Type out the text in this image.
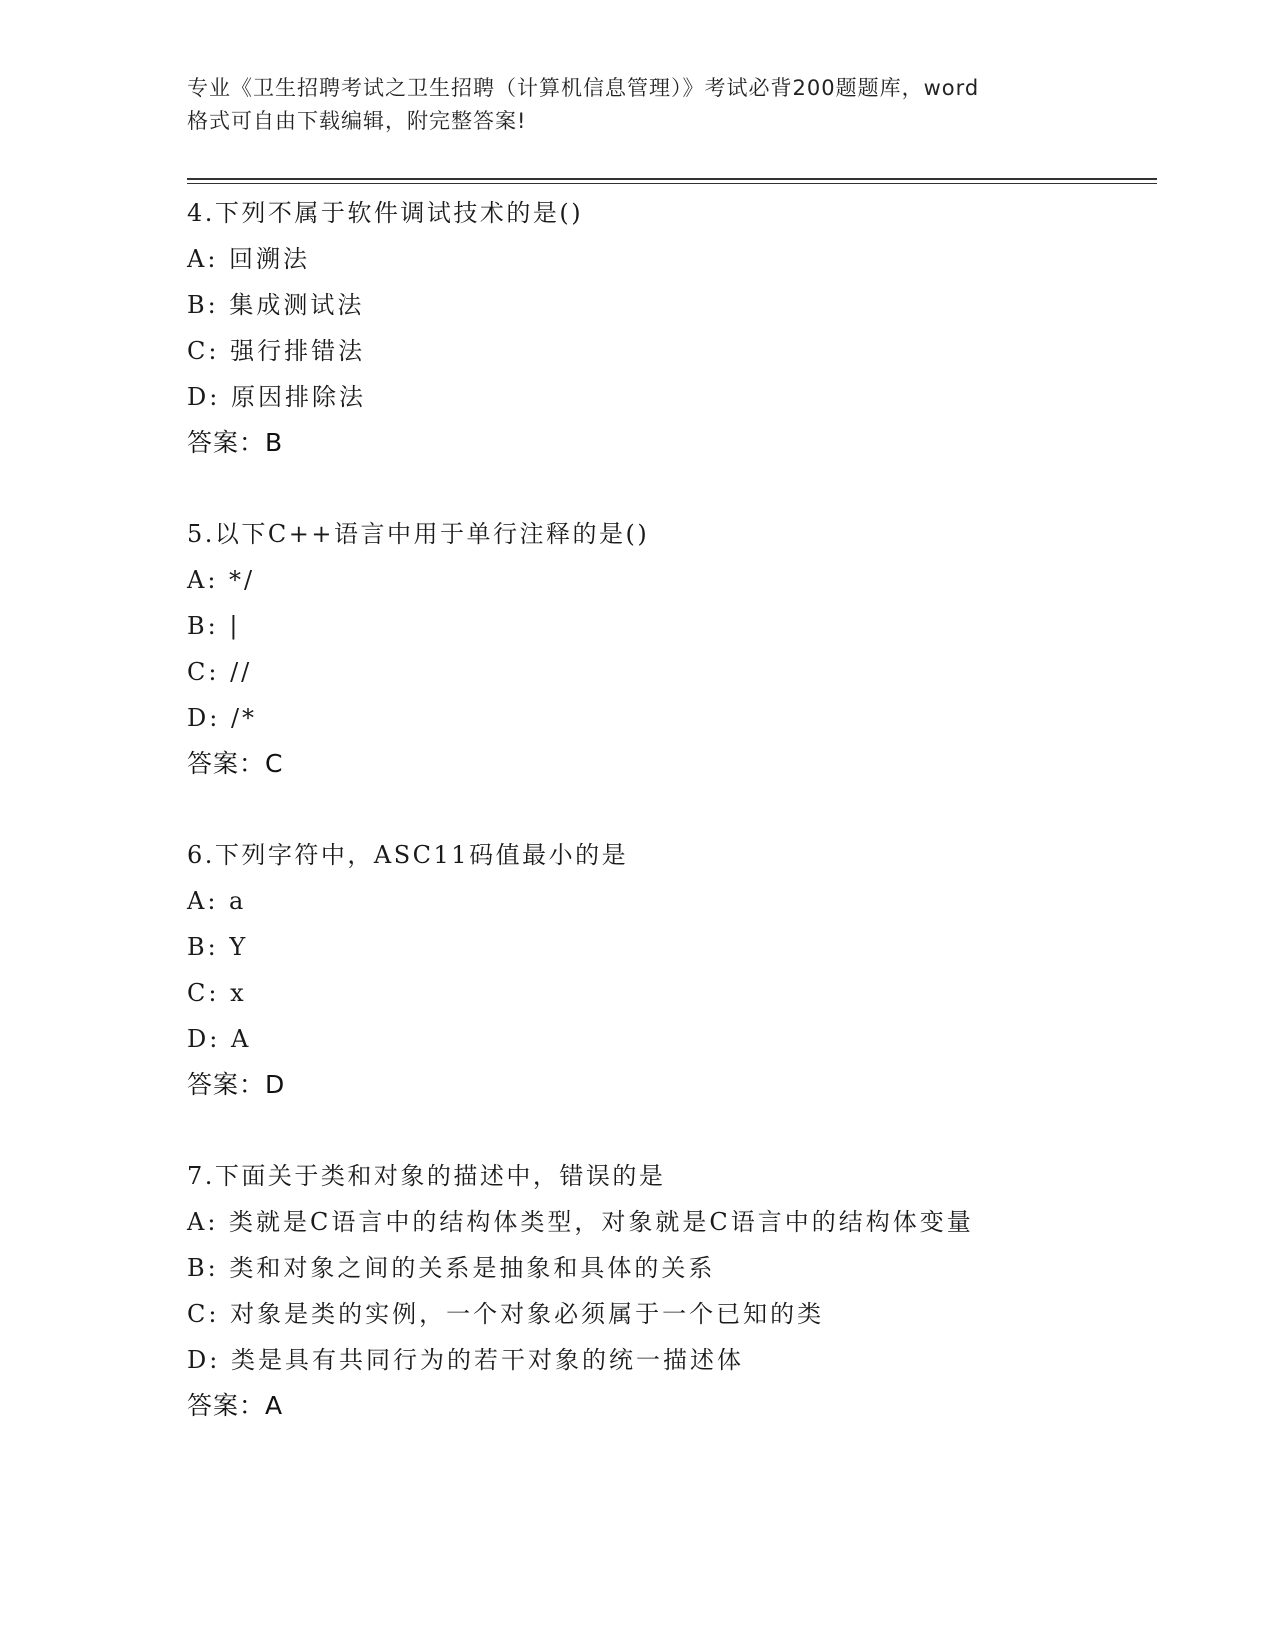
专业《卫生招聘考试之卫生招聘（计算机信息管理）》考试必背200题题库，word
格式可自由下载编辑，附完整答案!
4.下列不属于软件调试技术的是()
A: 回溯法
B: 集成测试法
C: 强行排错法
D: 原因排除法
答案：B
5.以下C++语言中用于单行注释的是()
A: */
B: |
C: //
D: /*
答案：C
6.下列字符中，ASC11码值最小的是
A: a
B: Y
C: x
D: A
答案：D
7.下面关于类和对象的描述中，错误的是
A: 类就是C语言中的结构体类型，对象就是C语言中的结构体变量
B: 类和对象之间的关系是抽象和具体的关系
C: 对象是类的实例，一个对象必须属于一个已知的类
D: 类是具有共同行为的若干对象的统一描述体
答案：A
